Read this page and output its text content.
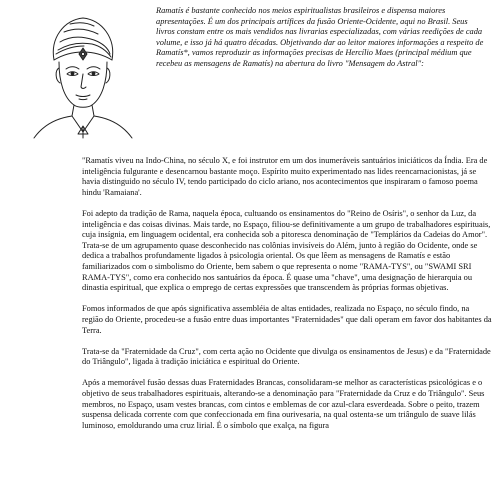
Ramatís é bastante conhecido nos meios espiritualistas brasileiros e dispensa maiores apresentações. É um dos principais artífices da fusão Oriente-Ocidente, aqui no Brasil. Seus livros constam entre os mais vendidos nas livrarias especializadas, com várias reedições de cada volume, e isso já há quatro décadas. Objetivando dar ao leitor maiores informações a respeito de Ramatís*, vamos reproduzir as informações precisas de Hercílio Maes (principal médium que recebeu as mensagens de Ramatís) na abertura do livro "Mensagem do Astral":

"Ramatís viveu na Indo-China, no século X, e foi instrutor em um dos inumeráveis santuários iniciáticos da Índia. Era de inteligência fulgurante e desencarnou bastante moço. Espírito muito experimentado nas lides reencarnacionistas, já se havia distinguido no século IV, tendo participado do ciclo ariano, nos acontecimentos que inspiraram o famoso poema hindu 'Ramaiana'.

Foi adepto da tradição de Rama, naquela época, cultuando os ensinamentos do "Reino de Osíris", o senhor da Luz, da inteligência e das coisas divinas. Mais tarde, no Espaço, filiou-se definitivamente a um grupo de trabalhadores espirituais, cuja insígnia, em linguagem ocidental, era conhecida sob a pitoresca denominação de "Templários da Cadeias do Amor". Trata-se de um agrupamento quase desconhecido nas colônias invisíveis do Além, junto à região do Ocidente, onde se dedica a trabalhos profundamente ligados à psicologia oriental. Os que lêem as mensagens de Ramatís e estão familiarizados com o simbolismo do Oriente, bem sabem o que representa o nome "RAMA-TYS", ou "SWAMI SRI RAMA-TYS", como era conhecido nos santuários da época. É quase uma "chave", uma designação de hierarquia ou dinastia espiritual, que explica o emprego de certas expressões que transcendem às próprias formas objetivas.

Fomos informados de que após significativa assembléia de altas entidades, realizada no Espaço, no século findo, na região do Oriente, procedeu-se a fusão entre duas importantes "Fraternidades" que dali operam em favor dos habitantes da Terra.

Trata-se da "Fraternidade da Cruz", com certa ação no Ocidente que divulga os ensinamentos de Jesus) e da "Fraternidade do Triângulo", ligada à tradição iniciática e espiritual do Oriente.

Após a memorável fusão dessas duas Fraternidades Brancas, consolidaram-se melhor as características psicológicas e o objetivo de seus trabalhadores espirituais, alterando-se a denominação para "Fraternidade da Cruz e do Triângulo". Seus membros, no Espaço, usam vestes brancas, com cintos e emblemas de cor azul-clara esverdeada. Sobre o peito, trazem suspensa delicada corrente com que confeccionada em fina ourivesaria, na qual ostenta-se um triângulo de suave lilás luminoso, emoldurando uma cruz lirial. É o símbolo que exalça, na figura
